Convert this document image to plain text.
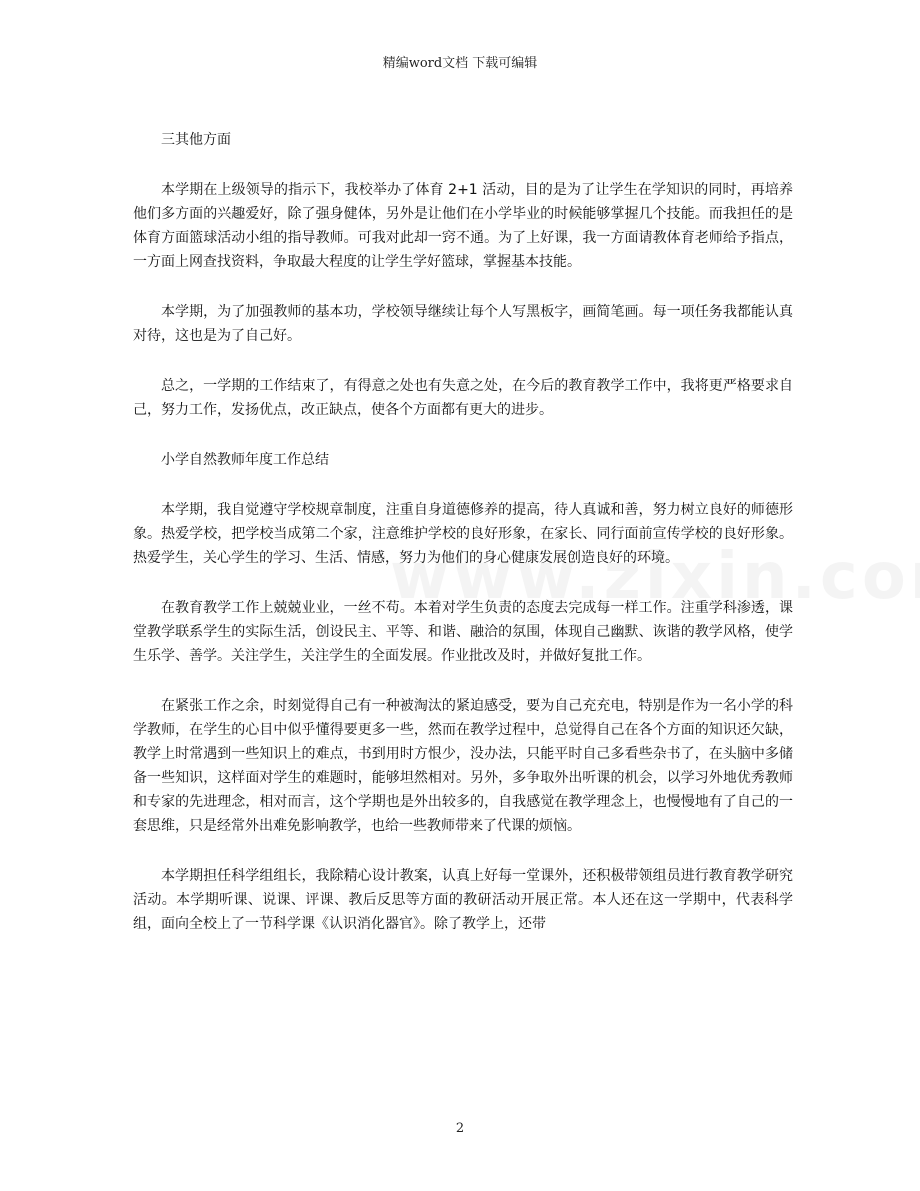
精编word文档 下载可编辑

三其他方面

本学期在上级领导的指示下，我校举办了体育 2+1 活动，目的是为了让学生在学知识的同时，再培养他们多方面的兴趣爱好，除了强身健体，另外是让他们在小学毕业的时候能够掌握几个技能。而我担任的是体育方面篮球活动小组的指导教师。可我对此却一窍不通。为了上好课，我一方面请教体育老师给予指点，一方面上网查找资料，争取最大程度的让学生学好篮球，掌握基本技能。

本学期，为了加强教师的基本功，学校领导继续让每个人写黑板字，画简笔画。每一项任务我都能认真对待，这也是为了自己好。

总之，一学期的工作结束了，有得意之处也有失意之处，在今后的教育教学工作中，我将更严格要求自己，努力工作，发扬优点，改正缺点，使各个方面都有更大的进步。

小学自然教师年度工作总结

本学期，我自觉遵守学校规章制度，注重自身道德修养的提高，待人真诚和善，努力树立良好的师德形象。热爱学校，把学校当成第二个家，注意维护学校的良好形象，在家长、同行面前宣传学校的良好形象。热爱学生，关心学生的学习、生活、情感，努力为他们的身心健康发展创造良好的环境。

在教育教学工作上兢兢业业，一丝不苟。本着对学生负责的态度去完成每一样工作。注重学科渗透，课堂教学联系学生的实际生活，创设民主、平等、和谐、融洽的氛围，体现自己幽默、诙谐的教学风格，使学生乐学、善学。关注学生，关注学生的全面发展。作业批改及时，并做好复批工作。

在紧张工作之余，时刻觉得自己有一种被淘汰的紧迫感受，要为自己充充电，特别是作为一名小学的科学教师，在学生的心目中似乎懂得要更多一些，然而在教学过程中，总觉得自己在各个方面的知识还欠缺，教学上时常遇到一些知识上的难点，书到用时方恨少，没办法，只能平时自己多看些杂书了，在头脑中多储备一些知识，这样面对学生的难题时，能够坦然相对。另外，多争取外出听课的机会，以学习外地优秀教师和专家的先进理念，相对而言，这个学期也是外出较多的，自我感觉在教学理念上，也慢慢地有了自己的一套思维，只是经常外出难免影响教学，也给一些教师带来了代课的烦恼。

本学期担任科学组组长，我除精心设计教案，认真上好每一堂课外，还积极带领组员进行教育教学研究活动。本学期听课、说课、评课、教后反思等方面的教研活动开展正常。本人还在这一学期中，代表科学组，面向全校上了一节科学课《认识消化器官》。除了教学上，还带

2
